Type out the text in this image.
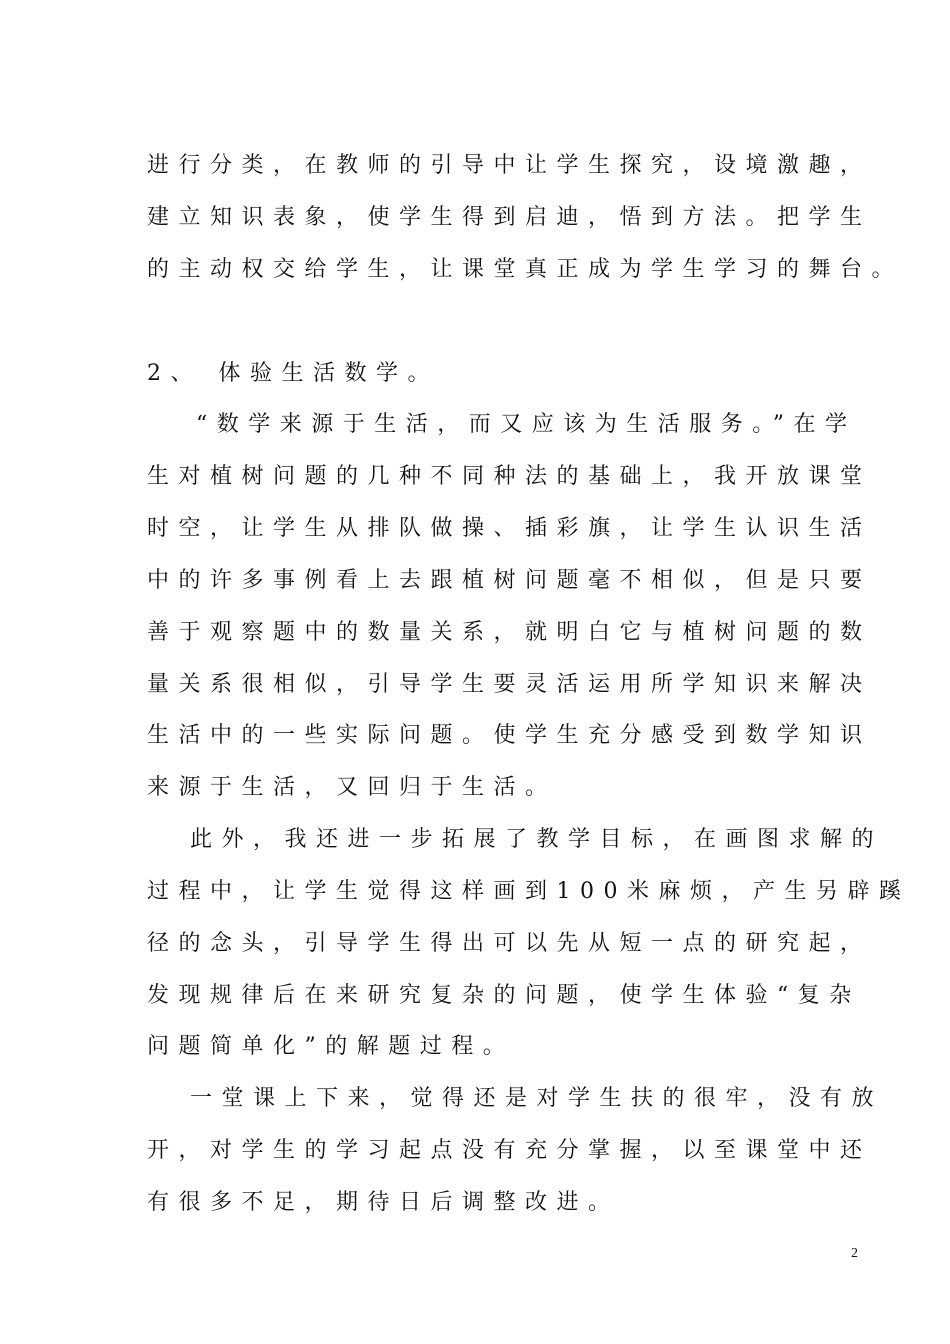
进行分类，在教师的引导中让学生探究，设境激趣，
建立知识表象，使学生得到启迪，悟到方法。把学生
的主动权交给学生，让课堂真正成为学生学习的舞台。
2、 体验生活数学。
“数学来源于生活，而又应该为生活服务。”在学
生对植树问题的几种不同种法的基础上，我开放课堂
时空，让学生从排队做操、插彩旗，让学生认识生活
中的许多事例看上去跟植树问题毫不相似，但是只要
善于观察题中的数量关系，就明白它与植树问题的数
量关系很相似，引导学生要灵活运用所学知识来解决
生活中的一些实际问题。使学生充分感受到数学知识
来源于生活，又回归于生活。
此外，我还进一步拓展了教学目标，在画图求解的
过程中，让学生觉得这样画到100米麻烦，产生另辟蹊
径的念头，引导学生得出可以先从短一点的研究起，
发现规律后在来研究复杂的问题，使学生体验“复杂
问题简单化”的解题过程。
一堂课上下来，觉得还是对学生扶的很牢，没有放
开，对学生的学习起点没有充分掌握，以至课堂中还
有很多不足，期待日后调整改进。
2
